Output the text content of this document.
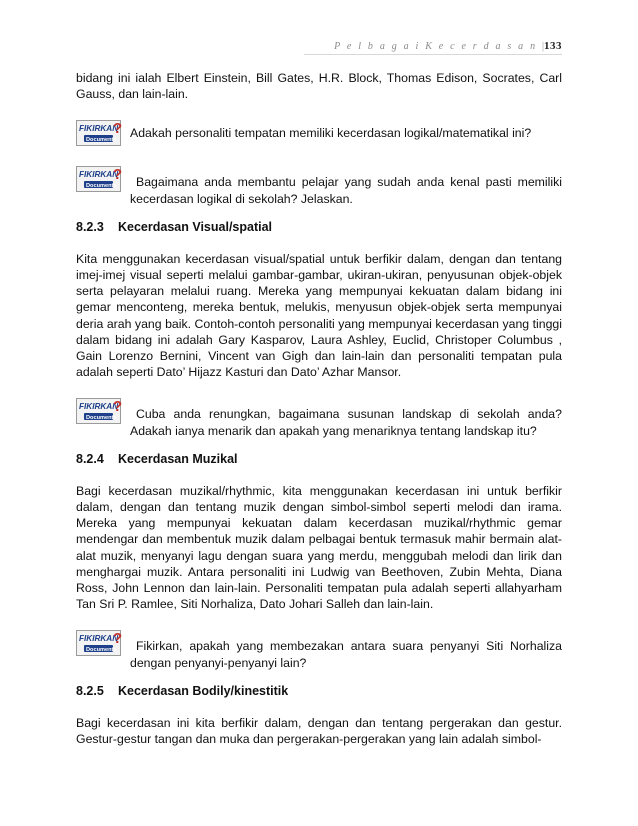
P e l b a g a i K e c e r d a s a n |133

bidang ini ialah Elbert Einstein, Bill Gates, H.R. Block, Thomas Edison, Socrates, Carl Gauss, dan lain-lain.

FIKIRKAN
?
Documents	Adakah personaliti tempatan memiliki kecerdasan logikal/matematikal ini?
FIKIRKAN
?
Documents Bagaimana anda membantu pelajar yang sudah anda kenal pasti memiliki kecerdasan logikal di sekolah? Jelaskan.
8.2.3 Kecerdasan Visual/spatial

Kita menggunakan kecerdasan visual/spatial untuk berfikir dalam, dengan dan tentang imej-imej visual seperti melalui gambar-gambar, ukiran-ukiran, penyusunan objek-objek serta pelayaran melalui ruang. Mereka yang mempunyai kekuatan dalam bidang ini gemar menconteng, mereka bentuk, melukis, menyusun objek-objek serta mempunyai deria arah yang baik. Contoh-contoh personaliti yang mempunyai kecerdasan yang tinggi dalam bidang ini adalah Gary Kasparov, Laura Ashley, Euclid, Christoper Columbus , Gain Lorenzo Bernini, Vincent van Gigh dan lain-lain dan personaliti tempatan pula adalah seperti Dato’ Hijazz Kasturi dan Dato’ Azhar Mansor.

FIKIRKAN
?
Documents Cuba anda renungkan, bagaimana susunan landskap di sekolah anda? Adakah ianya menarik dan apakah yang menariknya tentang landskap itu?
8.2.4 Kecerdasan Muzikal

Bagi kecerdasan muzikal/rhythmic, kita menggunakan kecerdasan ini untuk berfikir dalam, dengan dan tentang muzik dengan simbol-simbol seperti melodi dan irama. Mereka yang mempunyai kekuatan dalam kecerdasan muzikal/rhythmic gemar mendengar dan membentuk muzik dalam pelbagai bentuk termasuk mahir bermain alat-alat muzik, menyanyi lagu dengan suara yang merdu, menggubah melodi dan lirik dan menghargai muzik. Antara personaliti ini Ludwig van Beethoven, Zubin Mehta, Diana Ross, John Lennon dan lain-lain. Personaliti tempatan pula adalah seperti allahyarham Tan Sri P. Ramlee, Siti Norhaliza, Dato Johari Salleh dan lain-lain.

FIKIRKAN
?
Documents Fikirkan, apakah yang membezakan antara suara penyanyi Siti Norhaliza dengan penyanyi-penyanyi lain?
8.2.5 Kecerdasan Bodily/kinestitik

Bagi kecerdasan ini kita berfikir dalam, dengan dan tentang pergerakan dan gestur. Gestur-gestur tangan dan muka dan pergerakan-pergerakan yang lain adalah simbol-
